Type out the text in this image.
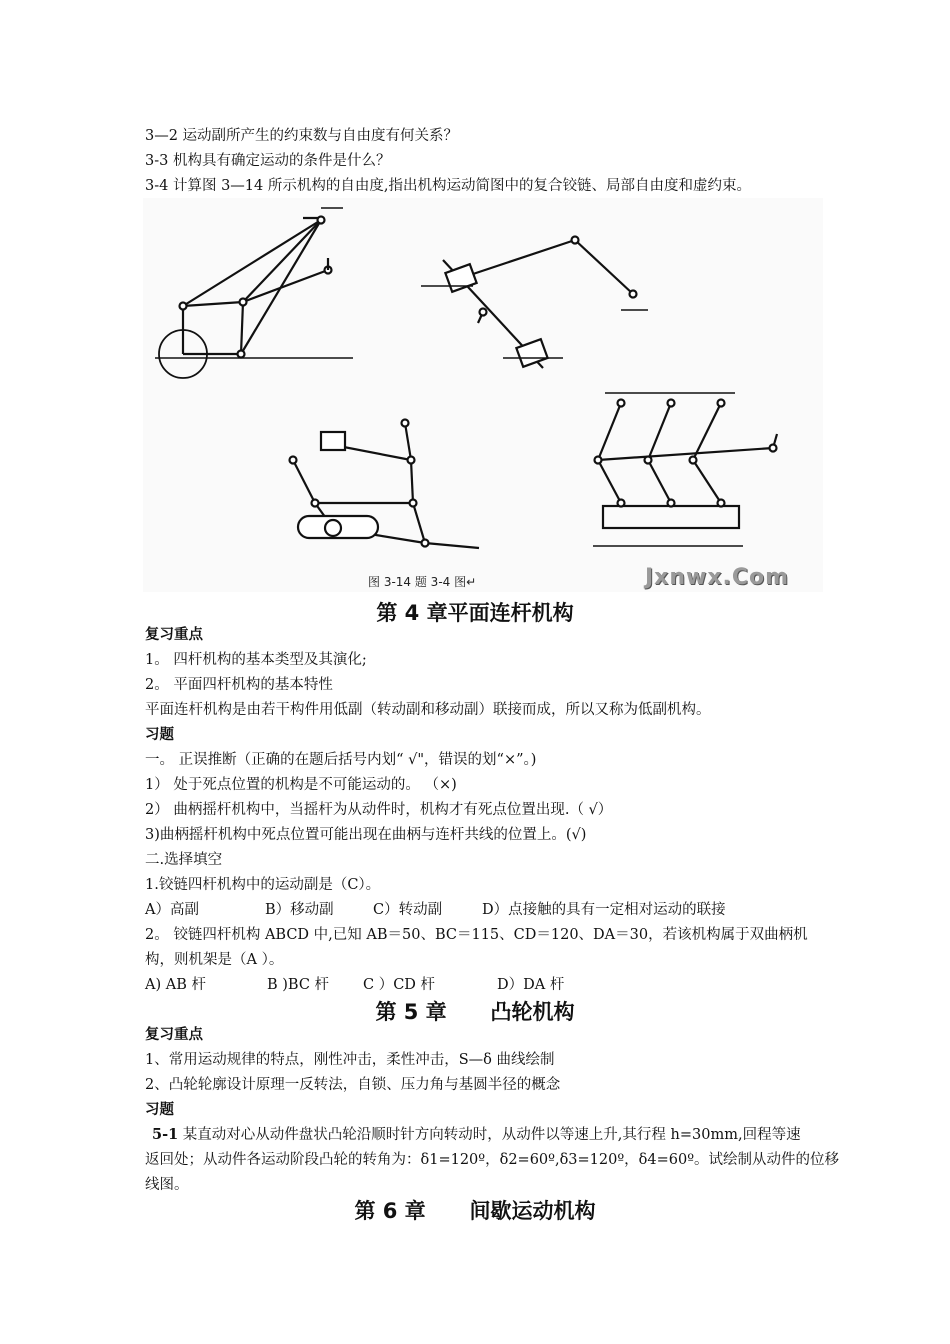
3—2 运动副所产生的约束数与自由度有何关系？
3-3 机构具有确定运动的条件是什么？
3-4 计算图 3—14 所示机构的自由度,指出机构运动简图中的复合铰链、局部自由度和虚约束。
图 3-14 题 3-4 图↵	Jxnwx.Com
第 4 章平面连杆机构
复习重点
1。 四杆机构的基本类型及其演化;
2。 平面四杆机构的基本特性
平面连杆机构是由若干构件用低副（转动副和移动副）联接而成，所以又称为低副机构。
习题
一。 正误推断（正确的在题后括号内划“ √"，错误的划“×”。)
1） 处于死点位置的机构是不可能运动的。 （×)
2） 曲柄摇杆机构中，当摇杆为从动件时，机构才有死点位置出现.（ √）
3)曲柄摇杆机构中死点位置可能出现在曲柄与连杆共线的位置上。(√)
二.选择填空
1.铰链四杆机构中的运动副是（C）。
A）高副	B）移动副	C）转动副	D）点接触的具有一定相对运动的联接
2。 铰链四杆机构 ABCD 中,已知 AB＝50、BC＝115、CD＝120、DA＝30，若该机构属于双曲柄机
构，则机架是（A ）。
A) AB 杆	B )BC 杆 C ）CD 杆	D）DA 杆
第 5 章      凸轮机构
复习重点
1、常用运动规律的特点，刚性冲击，柔性冲击，S—δ 曲线绘制
2、凸轮轮廓设计原理一反转法，自锁、压力角与基圆半径的概念
习题
5-1 某直动对心从动件盘状凸轮沿顺时针方向转动时，从动件以等速上升,其行程 h=30mm,回程等速
返回处；从动件各运动阶段凸轮的转角为：δ1=120º，δ2=60º,δ3=120º，δ4=60º。试绘制从动件的位移
线图。
第 6 章      间歇运动机构
